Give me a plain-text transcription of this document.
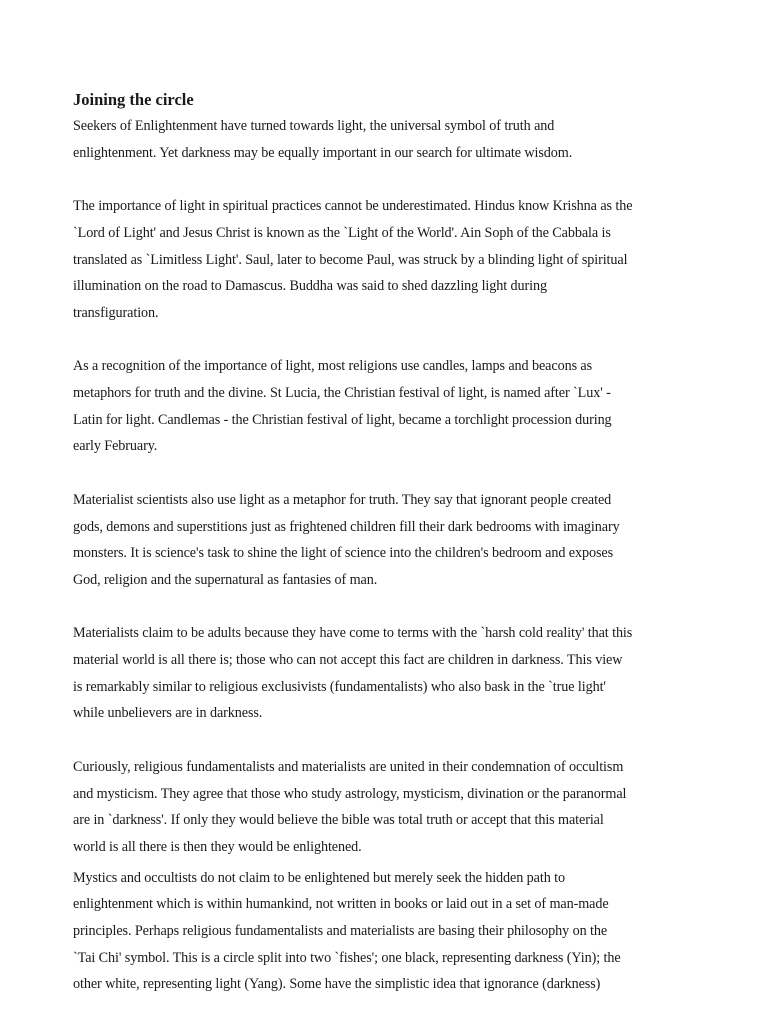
Joining the circle

Seekers of Enlightenment have turned towards light, the universal symbol of truth and
enlightenment. Yet darkness may be equally important in our search for ultimate wisdom.

The importance of light in spiritual practices cannot be underestimated. Hindus know Krishna as the
`Lord of Light' and Jesus Christ is known as the `Light of the World'. Ain Soph of the Cabbala is
translated as `Limitless Light'. Saul, later to become Paul, was struck by a blinding light of spiritual
illumination on the road to Damascus. Buddha was said to shed dazzling light during
transfiguration.

As a recognition of the importance of light, most religions use candles, lamps and beacons as
metaphors for truth and the divine. St Lucia, the Christian festival of light, is named after `Lux' -
Latin for light. Candlemas - the Christian festival of light, became a torchlight procession during
early February.

Materialist scientists also use light as a metaphor for truth. They say that ignorant people created
gods, demons and superstitions just as frightened children fill their dark bedrooms with imaginary
monsters. It is science's task to shine the light of science into the children's bedroom and exposes
God, religion and the supernatural as fantasies of man.

Materialists claim to be adults because they have come to terms with the `harsh cold reality' that this
material world is all there is; those who can not accept this fact are children in darkness. This view
is remarkably similar to religious exclusivists (fundamentalists) who also bask in the `true light'
while unbelievers are in darkness.

Curiously, religious fundamentalists and materialists are united in their condemnation of occultism
and mysticism. They agree that those who study astrology, mysticism, divination or the paranormal
are in `darkness'. If only they would believe the bible was total truth or accept that this material
world is all there is then they would be enlightened.

Mystics and occultists do not claim to be enlightened but merely seek the hidden path to
enlightenment which is within humankind, not written in books or laid out in a set of man-made
principles. Perhaps religious fundamentalists and materialists are basing their philosophy on the
`Tai Chi' symbol. This is a circle split into two `fishes'; one black, representing darkness (Yin); the
other white, representing light (Yang). Some have the simplistic idea that ignorance (darkness)
